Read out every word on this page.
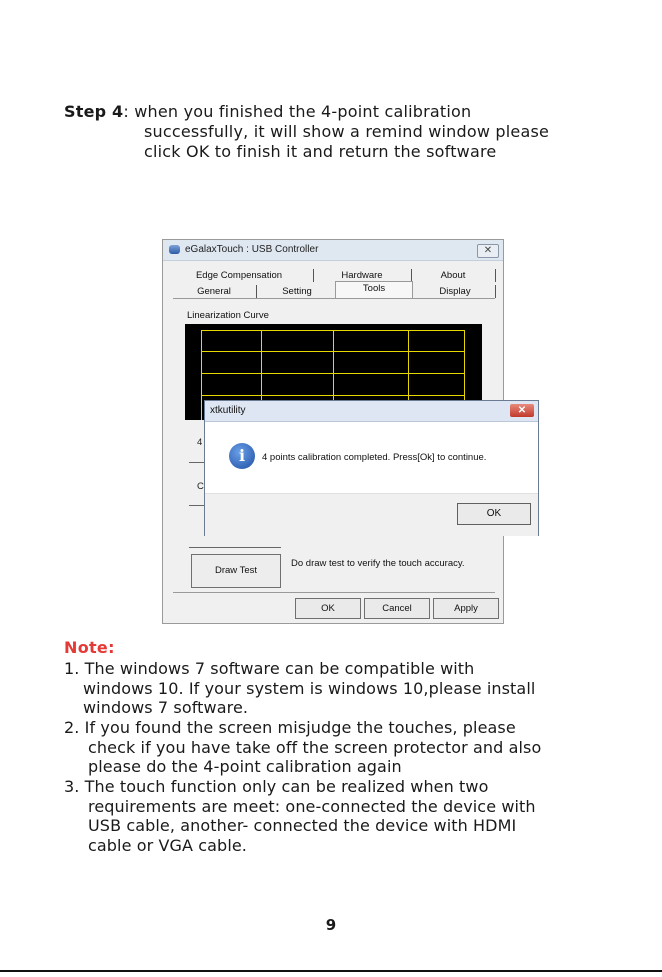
Step 4: when you finished the 4-point calibration
successfully, it will show a remind window please
click OK to finish it and return the software
eGalaxTouch : USB Controller	✕
Edge Compensation	Hardware	About
General	Setting	Tools	Display
Linearization Curve
4
C
Draw Test
Do draw test to verify the touch accuracy.
OK	Cancel	Apply
xtkutility	✕
i	4 points calibration completed. Press[Ok] to continue.
OK
Note:
1. The windows 7 software can be compatible with
windows 10. If your system is windows 10,please install
windows 7 software.
2. If you found the screen misjudge the touches, please
check if you have take off the screen protector and also
please do the 4-point calibration again
3. The touch function only can be realized when two
requirements are meet: one-connected the device with
USB cable, another- connected the device with HDMI
cable or VGA cable.
9
